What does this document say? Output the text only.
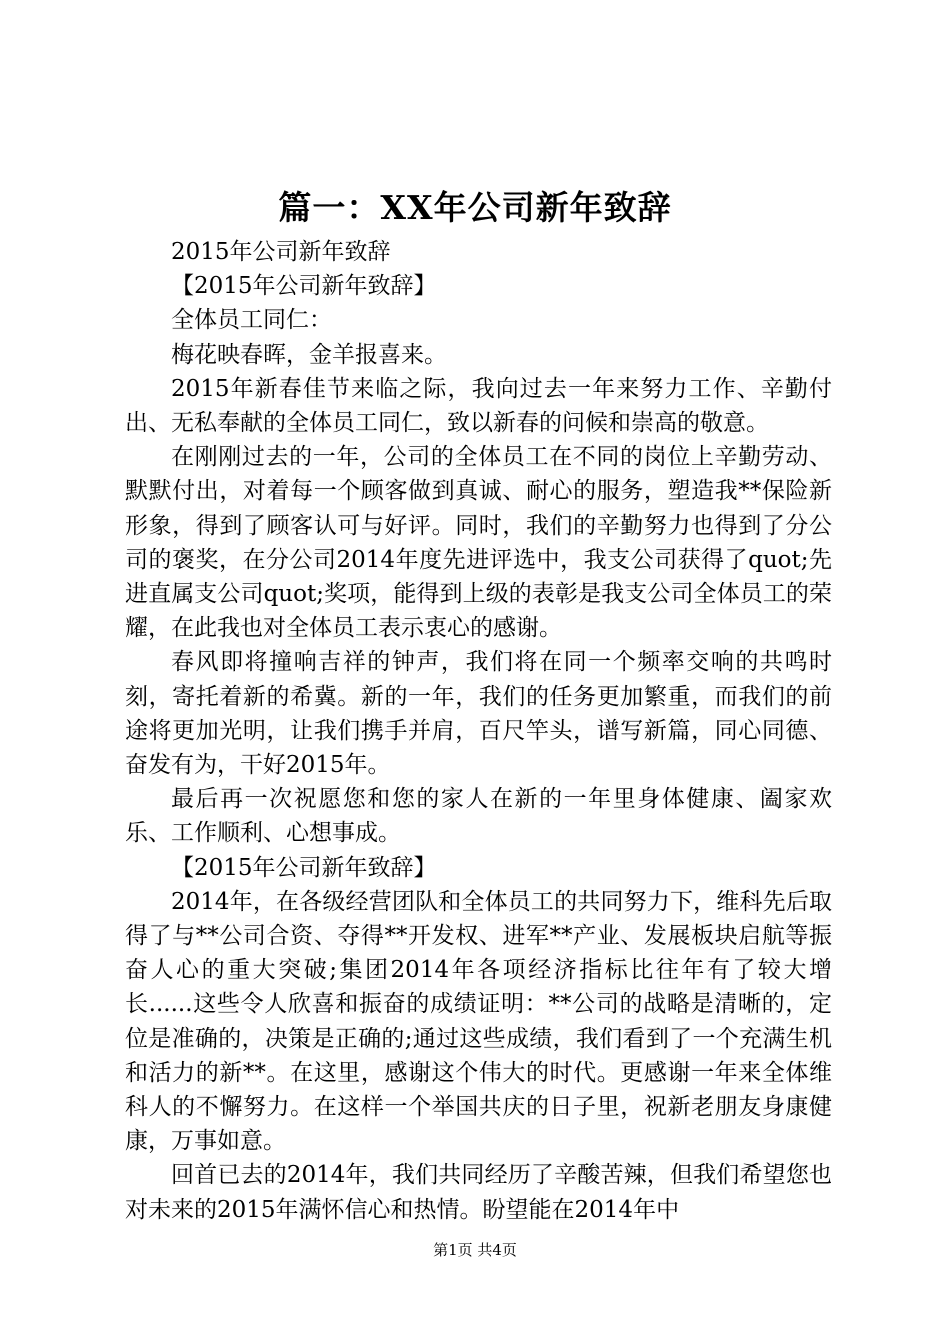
篇一：XX年公司新年致辞

2015年公司新年致辞

【2015年公司新年致辞】

全体员工同仁：

梅花映春晖，金羊报喜来。

2015年新春佳节来临之际，我向过去一年来努力工作、辛勤付出、无私奉献的全体员工同仁，致以新春的问候和崇高的敬意。

在刚刚过去的一年，公司的全体员工在不同的岗位上辛勤劳动、默默付出，对着每一个顾客做到真诚、耐心的服务，塑造我**保险新形象，得到了顾客认可与好评。同时，我们的辛勤努力也得到了分公司的褒奖，在分公司2014年度先进评选中，我支公司获得了quot;先进直属支公司quot;奖项，能得到上级的表彰是我支公司全体员工的荣耀，在此我也对全体员工表示衷心的感谢。

春风即将撞响吉祥的钟声，我们将在同一个频率交响的共鸣时刻，寄托着新的希冀。新的一年，我们的任务更加繁重，而我们的前途将更加光明，让我们携手并肩，百尺竿头，谱写新篇，同心同德、奋发有为，干好2015年。

最后再一次祝愿您和您的家人在新的一年里身体健康、阖家欢乐、工作顺利、心想事成。

【2015年公司新年致辞】

2014年，在各级经营团队和全体员工的共同努力下，维科先后取得了与**公司合资、夺得**开发权、进军**产业、发展板块启航等振奋人心的重大突破;集团2014年各项经济指标比往年有了较大增长......这些令人欣喜和振奋的成绩证明：**公司的战略是清晰的，定位是准确的，决策是正确的;通过这些成绩，我们看到了一个充满生机和活力的新**。在这里，感谢这个伟大的时代。更感谢一年来全体维科人的不懈努力。在这样一个举国共庆的日子里，祝新老朋友身康健康，万事如意。

回首已去的2014年，我们共同经历了辛酸苦辣，但我们希望您也对未来的2015年满怀信心和热情。盼望能在2014年中

第1页 共4页
